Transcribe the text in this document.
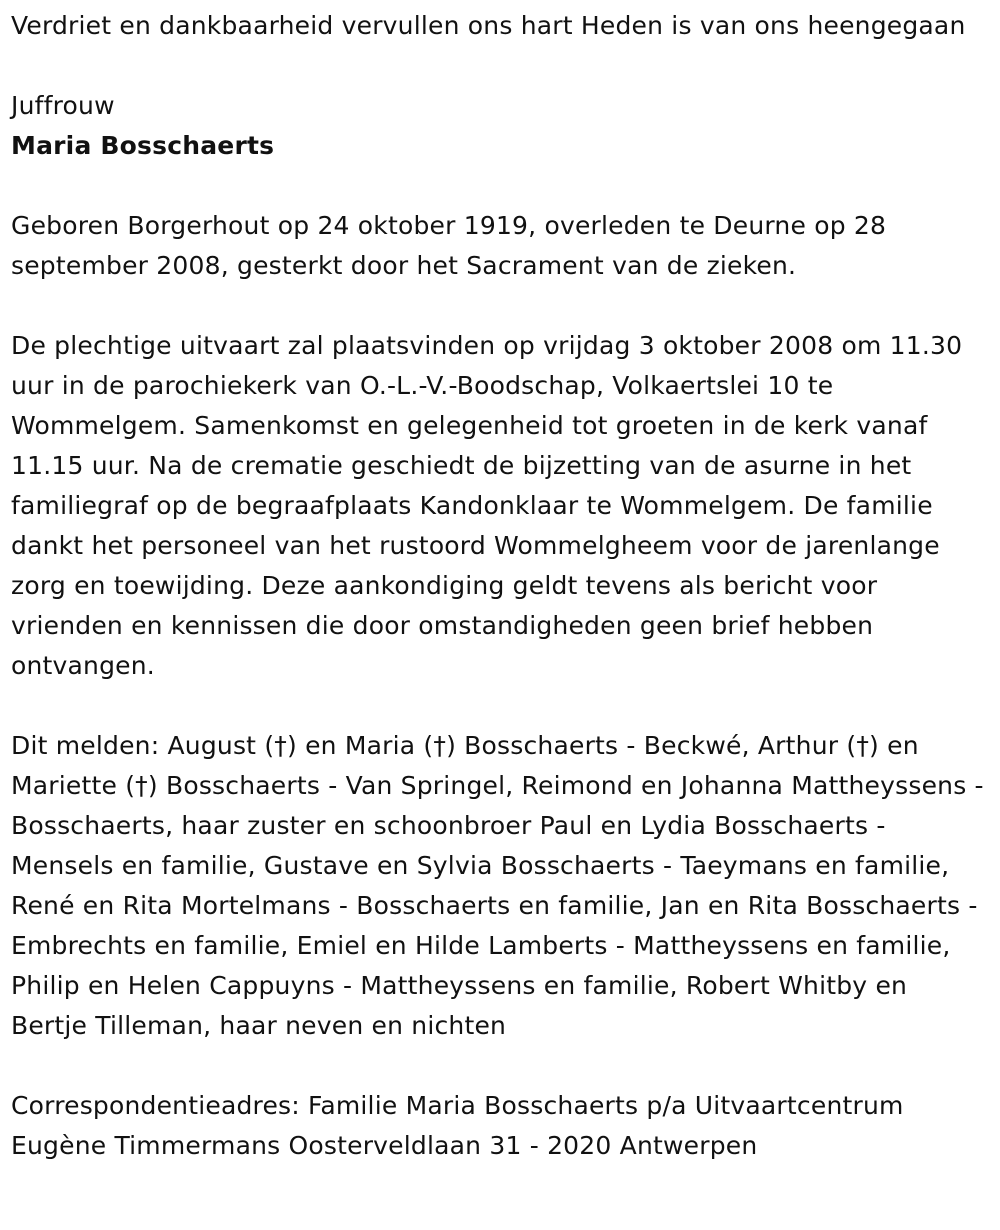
Verdriet en dankbaarheid vervullen ons hart Heden is van ons heengegaan

Juffrouw

Maria Bosschaerts

Geboren Borgerhout op 24 oktober 1919, overleden te Deurne op 28 september 2008, gesterkt door het Sacrament van de zieken.

De plechtige uitvaart zal plaatsvinden op vrijdag 3 oktober 2008 om 11.30 uur in de parochiekerk van O.-L.-V.-Boodschap, Volkaertslei 10 te Wommelgem. Samenkomst en gelegenheid tot groeten in de kerk vanaf 11.15 uur. Na de crematie geschiedt de bijzetting van de asurne in het familiegraf op de begraafplaats Kandonklaar te Wommelgem. De familie dankt het personeel van het rustoord Wommelgheem voor de jarenlange zorg en toewijding. Deze aankondiging geldt tevens als bericht voor vrienden en kennissen die door omstandigheden geen brief hebben ontvangen.

Dit melden: August (†) en Maria (†) Bosschaerts - Beckwé, Arthur (†) en Mariette (†) Bosschaerts - Van Springel, Reimond en Johanna Mattheyssens - Bosschaerts, haar zuster en schoonbroer Paul en Lydia Bosschaerts - Mensels en familie, Gustave en Sylvia Bosschaerts - Taeymans en familie, René en Rita Mortelmans - Bosschaerts en familie, Jan en Rita Bosschaerts - Embrechts en familie, Emiel en Hilde Lamberts - Mattheyssens en familie, Philip en Helen Cappuyns - Mattheyssens en familie, Robert Whitby en Bertje Tilleman, haar neven en nichten

Correspondentieadres: Familie Maria Bosschaerts p/a Uitvaartcentrum Eugène Timmermans Oosterveldlaan 31 - 2020 Antwerpen
